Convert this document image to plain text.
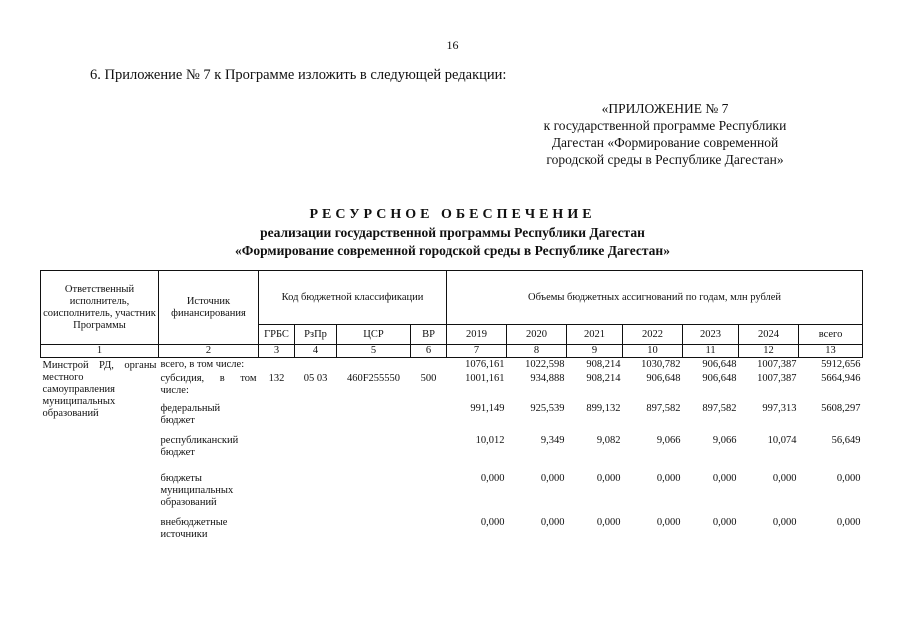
16
6. Приложение № 7 к Программе изложить в следующей редакции:
«ПРИЛОЖЕНИЕ № 7
к государственной программе Республики
Дагестан «Формирование современной
городской среды в Республике Дагестан»
РЕСУРСНОЕ ОБЕСПЕЧЕНИЕ
реализации государственной программы Республики Дагестан
«Формирование современной городской среды в Республике Дагестан»
Ответственный исполнитель, соисполнитель, участник Программы	Источник финансирования	Код бюджетной классификации				Объемы бюджетных ассигнований по годам, млн рублей						
		ГРБС	РзПр	ЦСР	ВР	2019	2020	2021	2022	2023	2024	всего
1	2	3	4	5	6	7	8	9	10	11	12	13
Минстрой РД, органы местного самоуправления муниципальных образований	всего, в том числе:					1076,161	1022,598	908,214	1030,782	906,648	1007,387	5912,656
	субсидия, в том числе:	132	05 03	460F255550	500	1001,161	934,888	908,214	906,648	906,648	1007,387	5664,946
	федеральный бюджет					991,149	925,539	899,132	897,582	897,582	997,313	5608,297
	республиканский бюджет					10,012	9,349	9,082	9,066	9,066	10,074	56,649
	бюджеты муниципальных образований					0,000	0,000	0,000	0,000	0,000	0,000	0,000
	внебюджетные источники					0,000	0,000	0,000	0,000	0,000	0,000	0,000
